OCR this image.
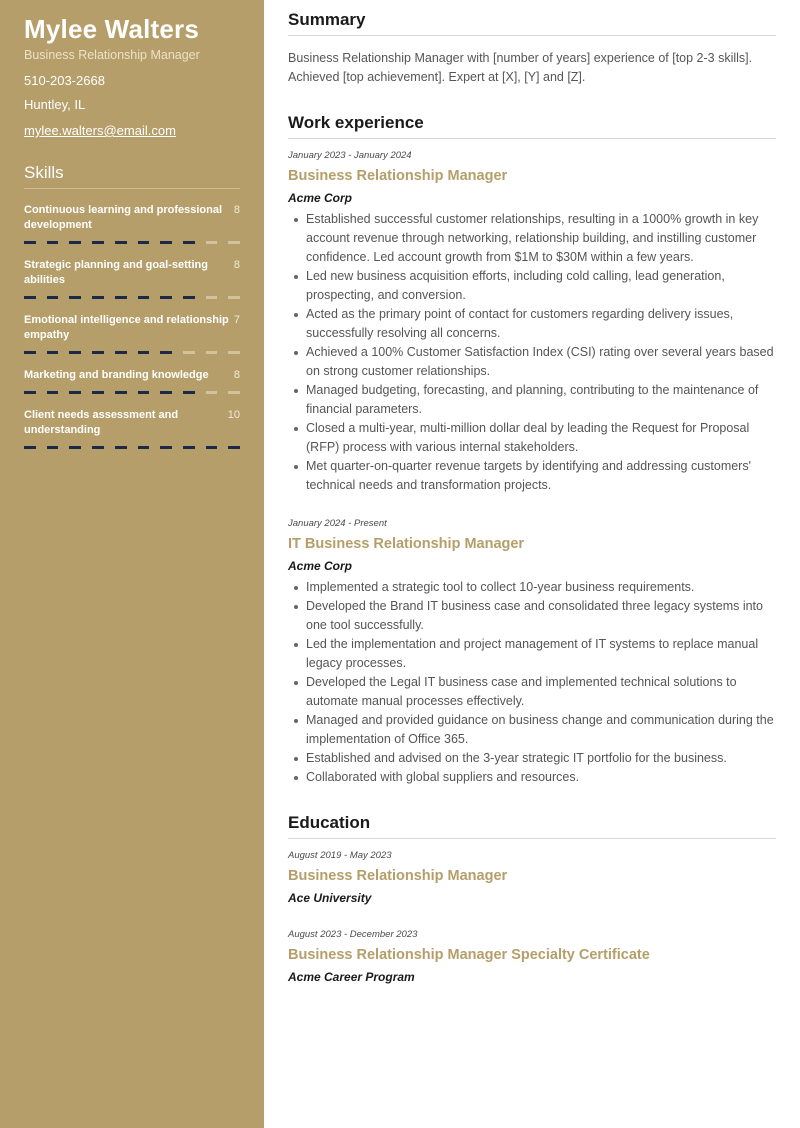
Mylee Walters
Business Relationship Manager
510-203-2668
Huntley, IL
mylee.walters@email.com
Skills
Continuous learning and professional development
8
Strategic planning and goal-setting abilities
8
Emotional intelligence and relationship empathy
7
Marketing and branding knowledge	8
Client needs assessment and understanding
10
Summary

Business Relationship Manager with [number of years] experience of [top 2-3 skills]. Achieved [top achievement]. Expert at [X], [Y] and [Z].

Work experience
January 2023 - January 2024
Business Relationship Manager
Acme Corp
Established successful customer relationships, resulting in a 1000% growth in key account revenue through networking, relationship building, and instilling customer confidence. Led account growth from $1M to $30M within a few years.
Led new business acquisition efforts, including cold calling, lead generation, prospecting, and conversion.
Acted as the primary point of contact for customers regarding delivery issues, successfully resolving all concerns.
Achieved a 100% Customer Satisfaction Index (CSI) rating over several years based on strong customer relationships.
Managed budgeting, forecasting, and planning, contributing to the maintenance of financial parameters.
Closed a multi-year, multi-million dollar deal by leading the Request for Proposal (RFP) process with various internal stakeholders.
Met quarter-on-quarter revenue targets by identifying and addressing customers' technical needs and transformation projects.
January 2024 - Present
IT Business Relationship Manager
Acme Corp
Implemented a strategic tool to collect 10-year business requirements.
Developed the Brand IT business case and consolidated three legacy systems into one tool successfully.
Led the implementation and project management of IT systems to replace manual legacy processes.
Developed the Legal IT business case and implemented technical solutions to automate manual processes effectively.
Managed and provided guidance on business change and communication during the implementation of Office 365.
Established and advised on the 3-year strategic IT portfolio for the business.
Collaborated with global suppliers and resources.
Education
August 2019 - May 2023
Business Relationship Manager
Ace University
August 2023 - December 2023
Business Relationship Manager Specialty Certificate
Acme Career Program
